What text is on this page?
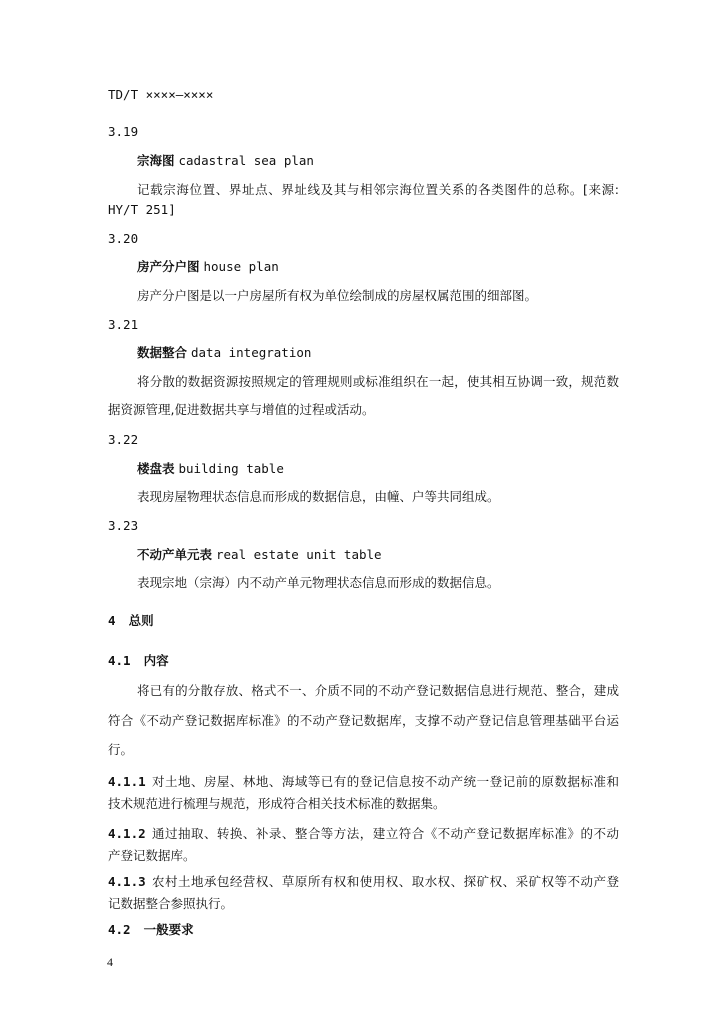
TD/T ××××—××××
3.19
宗海图 cadastral sea plan
记载宗海位置、界址点、界址线及其与相邻宗海位置关系的各类图件的总称。[来源:
HY/T 251]
3.20
房产分户图 house plan
房产分户图是以一户房屋所有权为单位绘制成的房屋权属范围的细部图。
3.21
数据整合 data integration
将分散的数据资源按照规定的管理规则或标准组织在一起，使其相互协调一致，规范数
据资源管理,促进数据共享与增值的过程或活动。
3.22
楼盘表 building table
表现房屋物理状态信息而形成的数据信息，由幢、户等共同组成。
3.23
不动产单元表 real estate unit table
表现宗地（宗海）内不动产单元物理状态信息而形成的数据信息。
4 总则
4.1 内容
将已有的分散存放、格式不一、介质不同的不动产登记数据信息进行规范、整合，建成
符合《不动产登记数据库标准》的不动产登记数据库，支撑不动产登记信息管理基础平台运
行。
4.1.1 对土地、房屋、林地、海域等已有的登记信息按不动产统一登记前的原数据标准和
技术规范进行梳理与规范，形成符合相关技术标准的数据集。
4.1.2 通过抽取、转换、补录、整合等方法，建立符合《不动产登记数据库标准》的不动
产登记数据库。
4.1.3 农村土地承包经营权、草原所有权和使用权、取水权、探矿权、采矿权等不动产登
记数据整合参照执行。
4.2 一般要求
4
